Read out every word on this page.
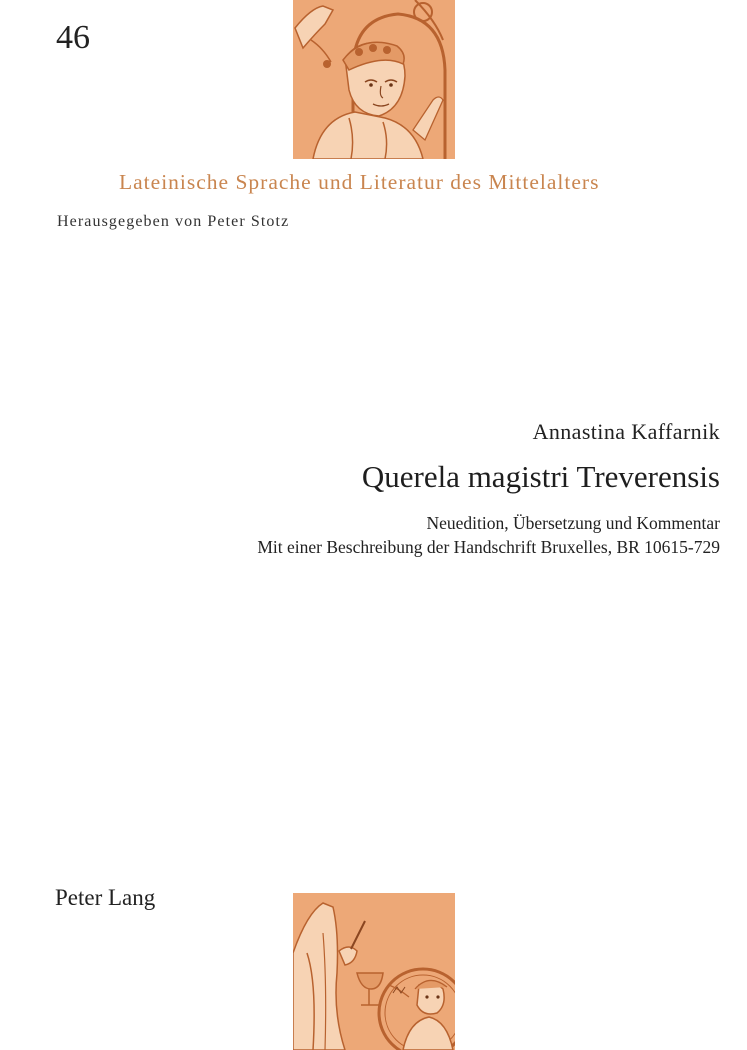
46
Lateinische Sprache und Literatur des Mittelalters
Herausgegeben von Peter Stotz
Annastina Kaffarnik
Querela magistri Treverensis
Neuedition, Übersetzung und Kommentar
Mit einer Beschreibung der Handschrift Bruxelles, BR 10615-729
Peter Lang
